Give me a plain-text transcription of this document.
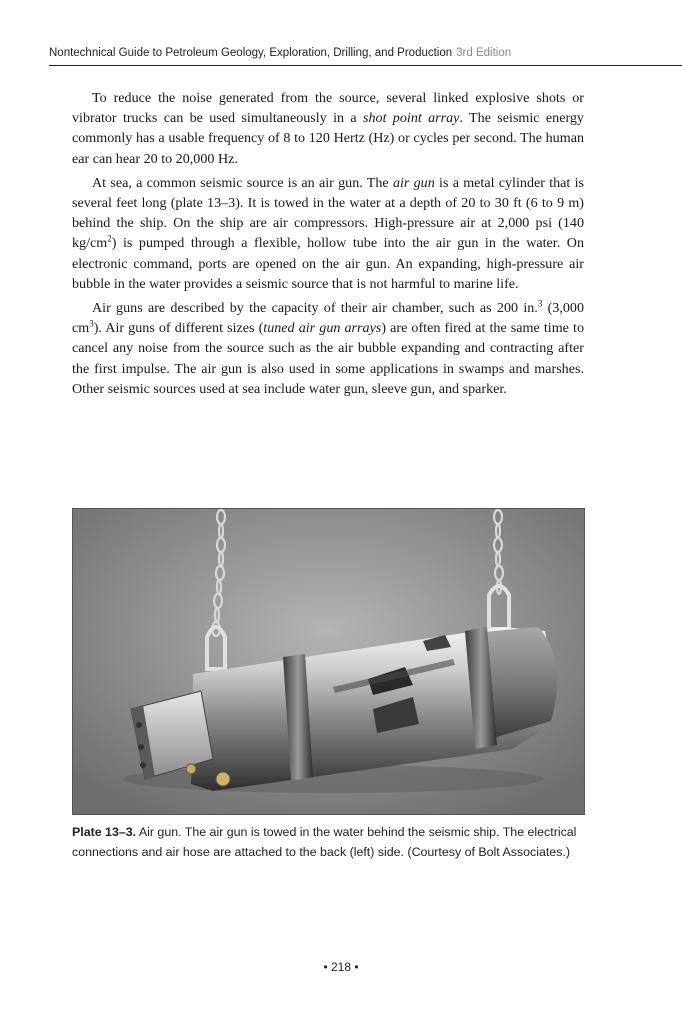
Nontechnical Guide to Petroleum Geology, Exploration, Drilling, and Production 3rd Edition

To reduce the noise generated from the source, several linked explosive shots or vibrator trucks can be used simultaneously in a shot point array. The seismic energy commonly has a usable frequency of 8 to 120 Hertz (Hz) or cycles per second. The human ear can hear 20 to 20,000 Hz.

At sea, a common seismic source is an air gun. The air gun is a metal cylinder that is several feet long (plate 13–3). It is towed in the water at a depth of 20 to 30 ft (6 to 9 m) behind the ship. On the ship are air compressors. High-pressure air at 2,000 psi (140 $kg/cm^2$) is pumped through a flexible, hollow tube into the air gun in the water. On electronic command, ports are opened on the air gun. An expanding, high-pressure air bubble in the water provides a seismic source that is not harmful to marine life.

Air guns are described by the capacity of their air chamber, such as 200 in.$^3$ (3,000 $cm^3$). Air guns of different sizes (tuned air gun arrays) are often fired at the same time to cancel any noise from the source such as the air bubble expanding and contracting after the first impulse. The air gun is also used in some applications in swamps and marshes. Other seismic sources used at sea include water gun, sleeve gun, and sparker.

Plate 13–3. Air gun. The air gun is towed in the water behind the seismic ship. The electrical connections and air hose are attached to the back (left) side. (Courtesy of Bolt Associates.)
• 218 •
